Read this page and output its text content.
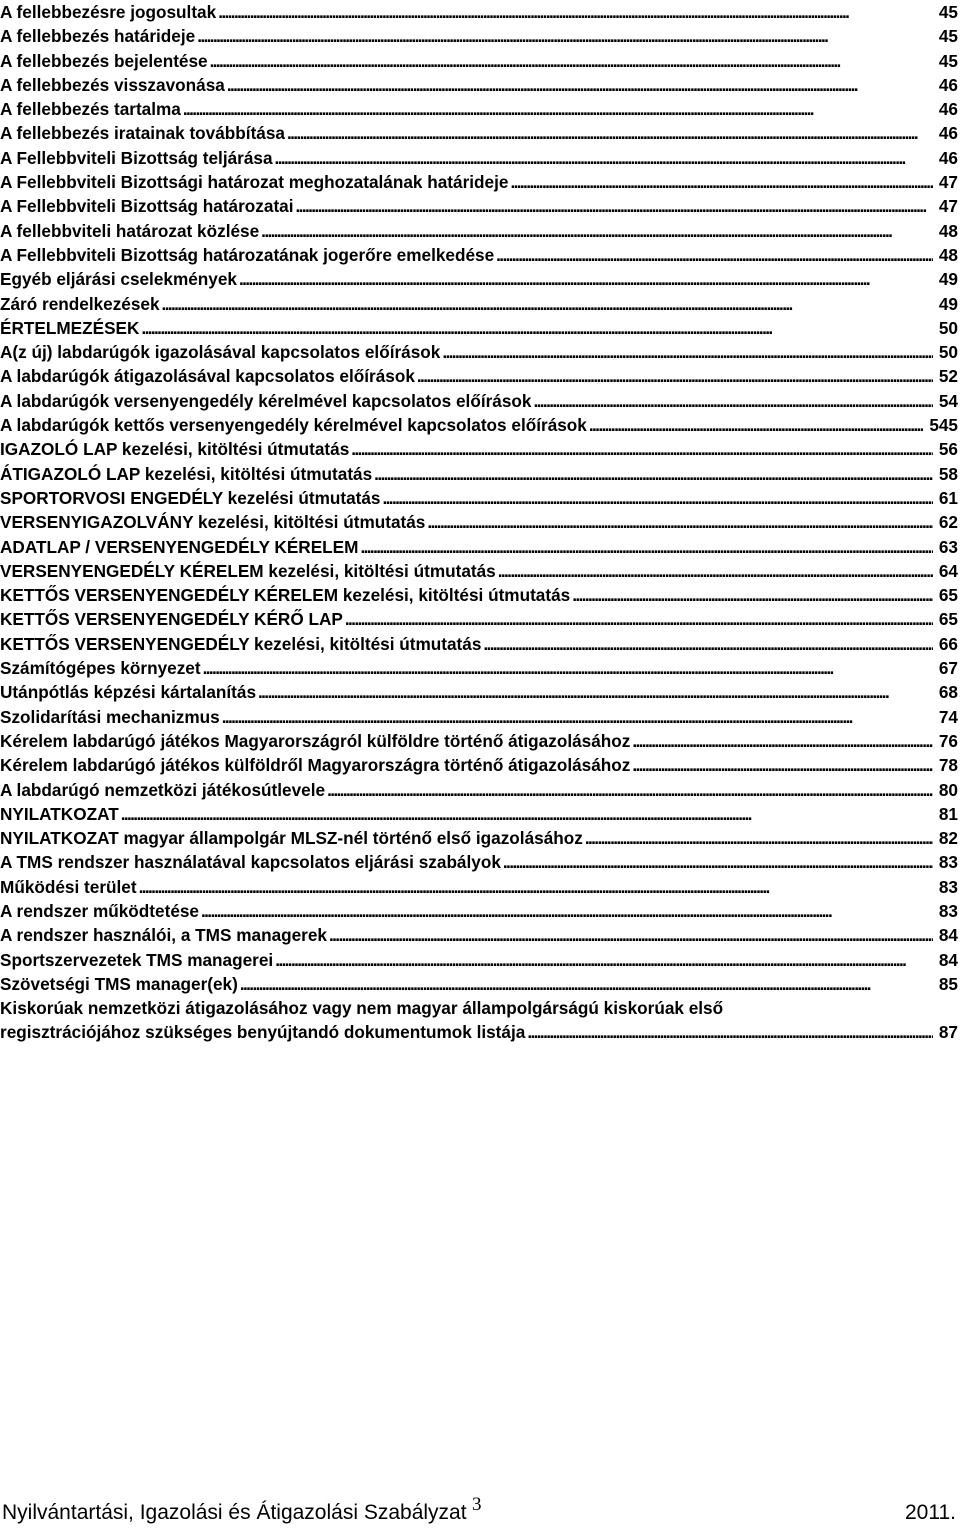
A fellebbezésre jogosultak . . .	45
A fellebbezés határideje . . .	45
A fellebbezés bejelentése . . .	45
A fellebbezés visszavonása . . .	46
A fellebbezés tartalma . . .	46
A fellebbezés iratainak továbbítása . . .	46
A Fellebbviteli Bizottság teljárása . . .	46
A Fellebbviteli Bizottsági határozat meghozatalának határideje . . .	47
A Fellebbviteli Bizottság határozatai . . .	47
A fellebbviteli határozat közlése . . .	48
A Fellebbviteli Bizottság határozatának jogerőre emelkedése . . .	48
Egyéb eljárási cselekmények . . .	49
Záró rendelkezések . . .	49
ÉRTELMEZÉSEK . . .	50
A(z új) labdarúgók igazolásával kapcsolatos előírások . . .	50
A labdarúgók átigazolásával kapcsolatos előírások . . .	52
A labdarúgók versenyengedély kérelmével kapcsolatos előírások . . .	54
A labdarúgók kettős versenyengedély kérelmével kapcsolatos előírások . . .	545
IGAZOLÓ LAP kezelési, kitöltési útmutatás . . .	56
ÁTIGAZOLÓ LAP kezelési, kitöltési útmutatás . . .	58
SPORTORVOSI ENGEDÉLY kezelési útmutatás . . .	61
VERSENYIGAZOLVÁNY kezelési, kitöltési útmutatás . . .	62
ADATLAP / VERSENYENGEDÉLY KÉRELEM . . .	63
VERSENYENGEDÉLY KÉRELEM kezelési, kitöltési útmutatás . . .	64
KETTŐS VERSENYENGEDÉLY KÉRELEM kezelési, kitöltési útmutatás . . .	65
KETTŐS VERSENYENGEDÉLY KÉRŐ LAP . . .	65
KETTŐS VERSENYENGEDÉLY kezelési, kitöltési útmutatás . . .	66
Számítógépes környezet . . .	67
Utánpótlás képzési kártalanítás . . .	68
Szolidarítási mechanizmus . . .	74
Kérelem labdarúgó játékos Magyarországról külföldre történő átigazolásához . . .	76
Kérelem labdarúgó játékos külföldről Magyarországra történő átigazolásához . . .	78
A labdarúgó nemzetközi játékosútlevele . . .	80
NYILATKOZAT . . .	81
NYILATKOZAT magyar állampolgár MLSZ-nél történő első igazolásához . . .	82
A TMS rendszer használatával kapcsolatos eljárási szabályok . . .	83
Működési terület . . .	83
A rendszer működtetése . . .	83
A rendszer használói, a TMS managerek . . .	84
Sportszervezetek TMS managerei . . .	84
Szövetségi TMS manager(ek) . . .	85
Kiskorúak nemzetközi átigazolásához vagy nem magyar állampolgárságú kiskorúak első
regisztrációjához szükséges benyújtandó dokumentumok listája . . .	87
Nyilvántartási, Igazolási és Átigazolási Szabályzat 3	2011.
